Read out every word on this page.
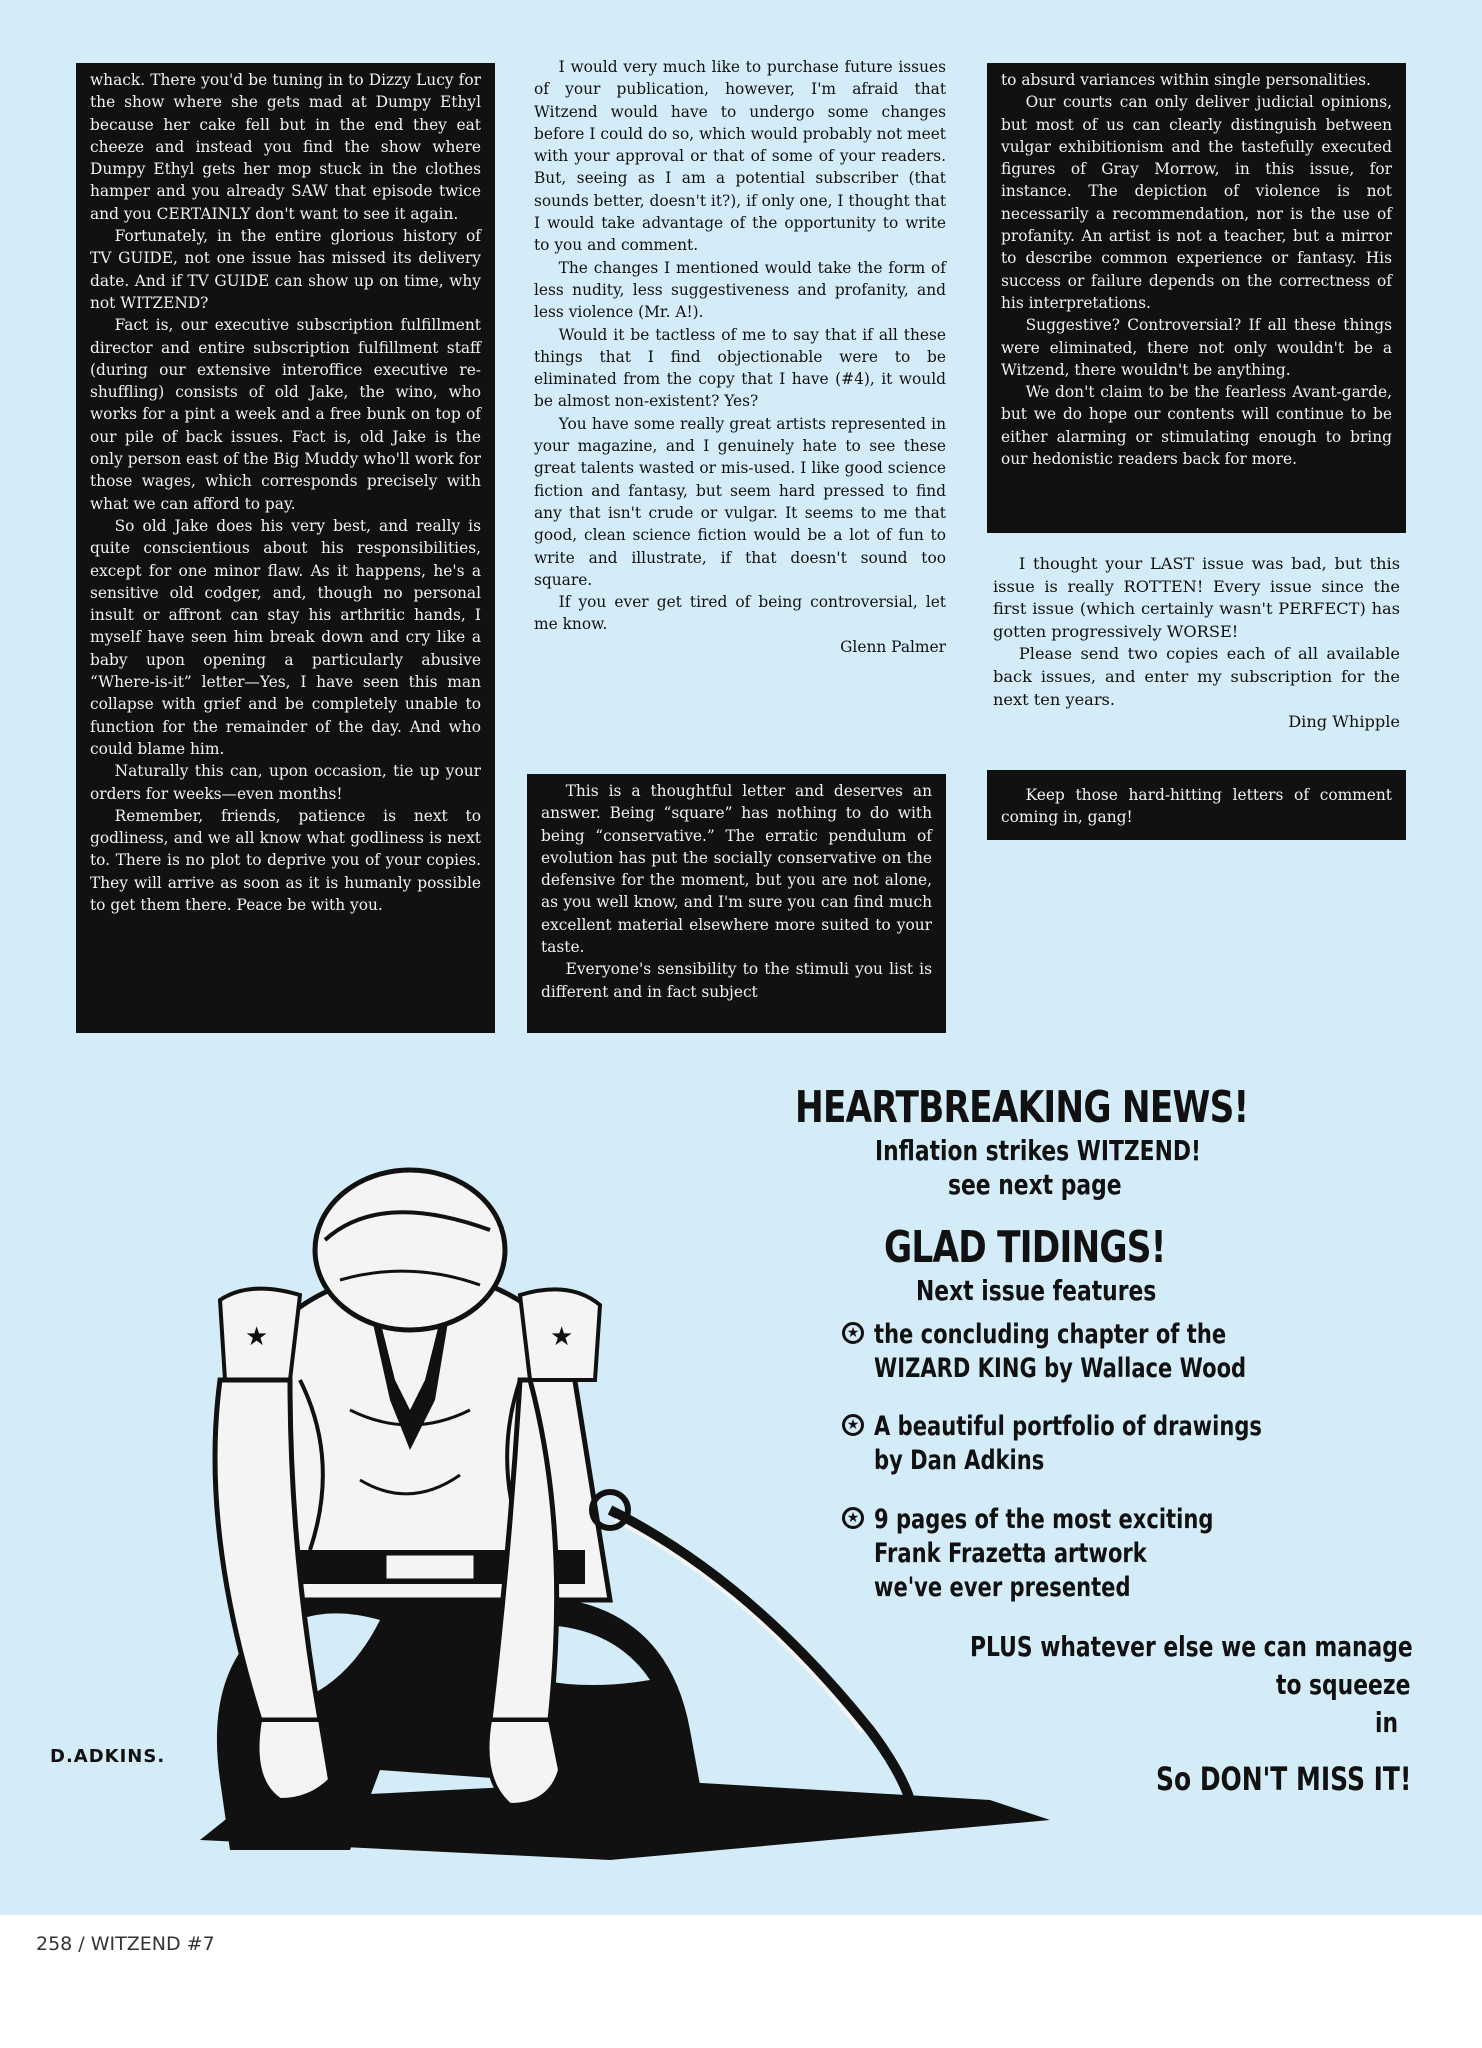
whack. There you'd be tuning in to Dizzy Lucy for the show where she gets mad at Dumpy Ethyl because her cake fell but in the end they eat cheeze and instead you find the show where Dumpy Ethyl gets her mop stuck in the clothes hamper and you already SAW that episode twice and you CERTAINLY don't want to see it again.

Fortunately, in the entire glorious history of TV GUIDE, not one issue has missed its delivery date. And if TV GUIDE can show up on time, why not WITZEND?

Fact is, our executive subscription fulfillment director and entire subscription fulfillment staff (during our extensive interoffice executive re-shuffling) consists of old Jake, the wino, who works for a pint a week and a free bunk on top of our pile of back issues. Fact is, old Jake is the only person east of the Big Muddy who'll work for those wages, which corresponds precisely with what we can afford to pay.

So old Jake does his very best, and really is quite conscientious about his responsibilities, except for one minor flaw. As it happens, he's a sensitive old codger, and, though no personal insult or affront can stay his arthritic hands, I myself have seen him break down and cry like a baby upon opening a particularly abusive “Where-is-it” letter—Yes, I have seen this man collapse with grief and be completely unable to function for the remainder of the day. And who could blame him.

Naturally this can, upon occasion, tie up your orders for weeks—even months!

Remember, friends, patience is next to godliness, and we all know what godliness is next to. There is no plot to deprive you of your copies. They will arrive as soon as it is humanly possible to get them there. Peace be with you.

I would very much like to purchase future issues of your publication, however, I'm afraid that Witzend would have to undergo some changes before I could do so, which would probably not meet with your approval or that of some of your readers. But, seeing as I am a potential subscriber (that sounds better, doesn't it?), if only one, I thought that I would take advantage of the opportunity to write to you and comment.

The changes I mentioned would take the form of less nudity, less suggestiveness and profanity, and less violence (Mr. A!).

Would it be tactless of me to say that if all these things that I find objectionable were to be eliminated from the copy that I have (#4), it would be almost non-existent? Yes?

You have some really great artists represented in your magazine, and I genuinely hate to see these great talents wasted or mis-used. I like good science fiction and fantasy, but seem hard pressed to find any that isn't crude or vulgar. It seems to me that good, clean science fiction would be a lot of fun to write and illustrate, if that doesn't sound too square.

If you ever get tired of being controversial, let me know.

Glenn Palmer

This is a thoughtful letter and deserves an answer. Being “square” has nothing to do with being “conservative.” The erratic pendulum of evolution has put the socially conservative on the defensive for the moment, but you are not alone, as you well know, and I'm sure you can find much excellent material elsewhere more suited to your taste.

Everyone's sensibility to the stimuli you list is different and in fact subject

to absurd variances within single personalities.

Our courts can only deliver judicial opinions, but most of us can clearly distinguish between vulgar exhibitionism and the tastefully executed figures of Gray Morrow, in this issue, for instance. The depiction of violence is not necessarily a recommendation, nor is the use of profanity. An artist is not a teacher, but a mirror to describe common experience or fantasy. His success or failure depends on the correctness of his interpretations.

Suggestive? Controversial? If all these things were eliminated, there not only wouldn't be a Witzend, there wouldn't be anything.

We don't claim to be the fearless Avant-garde, but we do hope our contents will continue to be either alarming or stimulating enough to bring our hedonistic readers back for more.

I thought your LAST issue was bad, but this issue is really ROTTEN! Every issue since the first issue (which certainly wasn't PERFECT) has gotten progressively WORSE!

Please send two copies each of all available back issues, and enter my subscription for the next ten years.

Ding Whipple

Keep those hard-hitting letters of comment coming in, gang!

★	★
D.ADKINS.
HEARTBREAKING NEWS!
Inflation strikes WITZEND!
see next page
GLAD TIDINGS!
Next issue features
★ the concluding chapter of the
WIZARD KING by Wallace Wood
★ A beautiful portfolio of drawings
by Dan Adkins
★ 9 pages of the most exciting
Frank Frazetta artwork
we've ever presented
PLUS whatever else we can manage
to squeeze
in
So DON'T MISS IT!
258 / WITZEND #7
